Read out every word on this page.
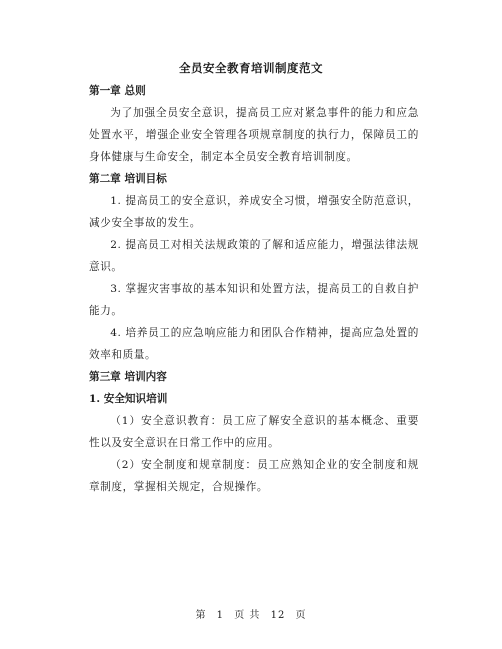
全员安全教育培训制度范文

第一章 总则

为了加强全员安全意识，提高员工应对紧急事件的能力和应急处置水平，增强企业安全管理各项规章制度的执行力，保障员工的身体健康与生命安全，制定本全员安全教育培训制度。

第二章 培训目标

1. 提高员工的安全意识，养成安全习惯，增强安全防范意识，减少安全事故的发生。

2. 提高员工对相关法规政策的了解和适应能力，增强法律法规意识。

3. 掌握灾害事故的基本知识和处置方法，提高员工的自救自护能力。

4. 培养员工的应急响应能力和团队合作精神，提高应急处置的效率和质量。

第三章 培训内容

1. 安全知识培训

（1）安全意识教育：员工应了解安全意识的基本概念、重要性以及安全意识在日常工作中的应用。

（2）安全制度和规章制度：员工应熟知企业的安全制度和规章制度，掌握相关规定，合规操作。

第 1 页 共 12 页
